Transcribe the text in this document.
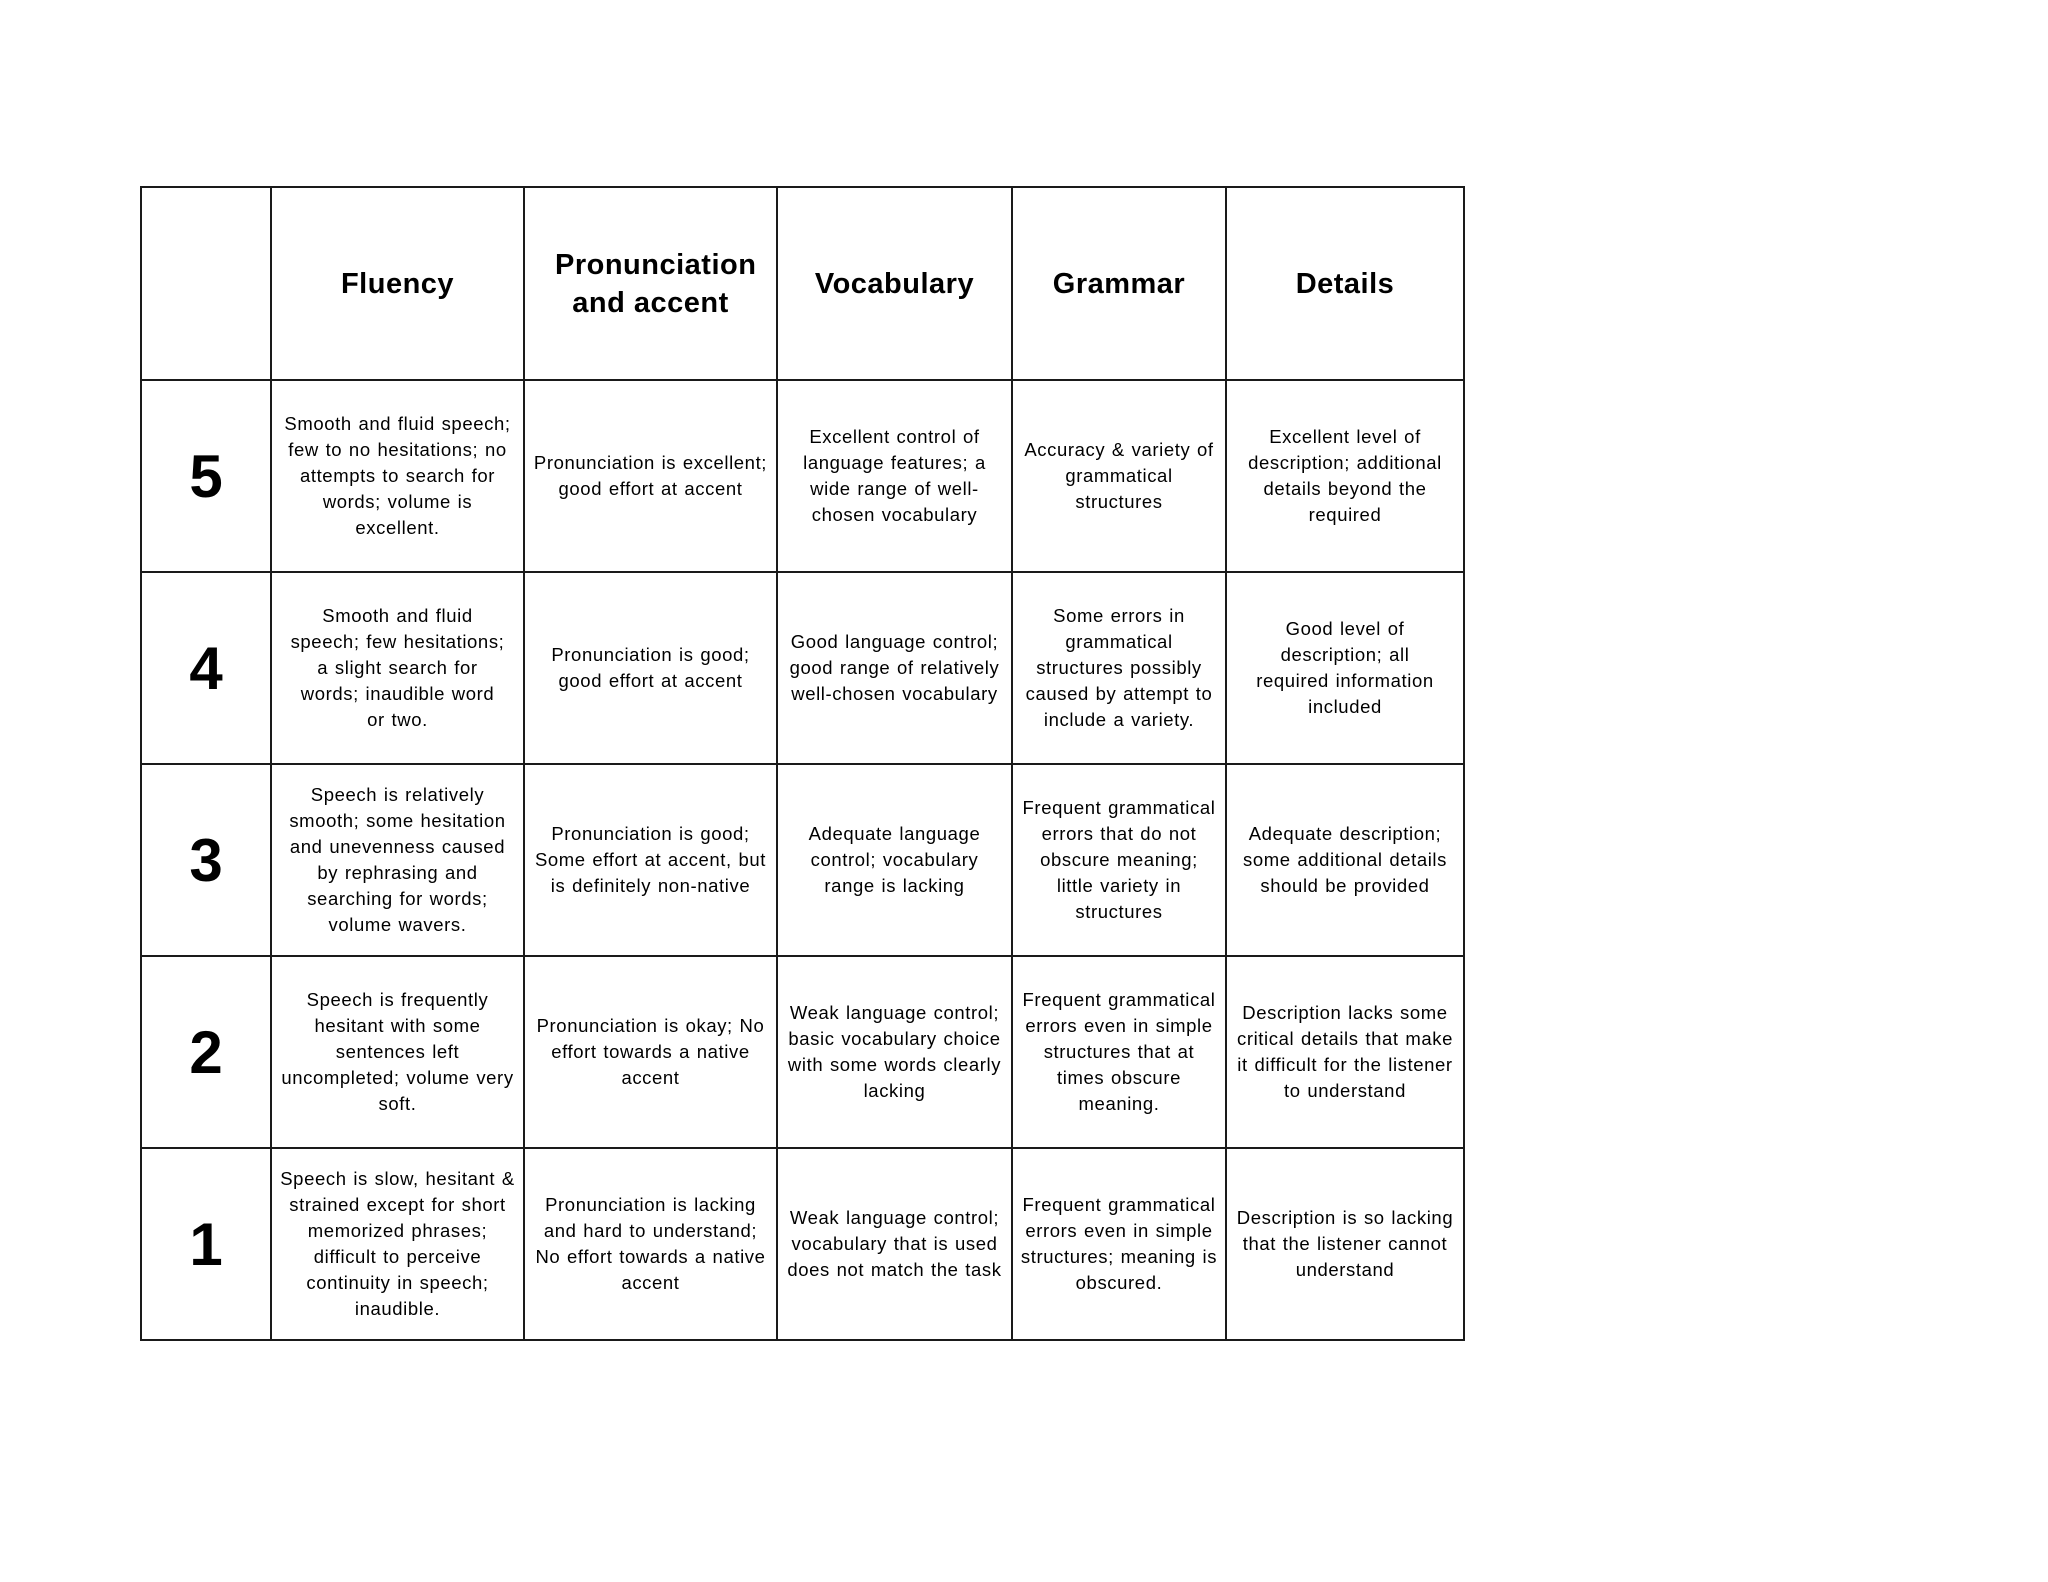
	Fluency	Pronunciation and accent	Vocabulary	Grammar	Details
5	Smooth and fluid speech; few to no hesitations; no attempts to search for words; volume is excellent.	Pronunciation is excellent; good effort at accent	Excellent control of language features; a wide range of well-chosen vocabulary	Accuracy & variety of grammatical structures	Excellent level of description; additional details beyond the required
4	Smooth and fluid speech; few hesitations; a slight search for words; inaudible word or two.	Pronunciation is good; good effort at accent	Good language control; good range of relatively well-chosen vocabulary	Some errors in grammatical structures possibly caused by attempt to include a variety.	Good level of description; all required information included
3	Speech is relatively smooth; some hesitation and unevenness caused by rephrasing and searching for words; volume wavers.	Pronunciation is good; Some effort at accent, but is definitely non-native	Adequate language control; vocabulary range is lacking	Frequent grammatical errors that do not obscure meaning; little variety in structures	Adequate description; some additional details should be provided
2	Speech is frequently hesitant with some sentences left uncompleted; volume very soft.	Pronunciation is okay; No effort towards a native accent	Weak language control; basic vocabulary choice with some words clearly lacking	Frequent grammatical errors even in simple structures that at times obscure meaning.	Description lacks some critical details that make it difficult for the listener to understand
1	Speech is slow, hesitant & strained except for short memorized phrases; difficult to perceive continuity in speech; inaudible.	Pronunciation is lacking and hard to understand; No effort towards a native accent	Weak language control; vocabulary that is used does not match the task	Frequent grammatical errors even in simple structures; meaning is obscured.	Description is so lacking that the listener cannot understand
